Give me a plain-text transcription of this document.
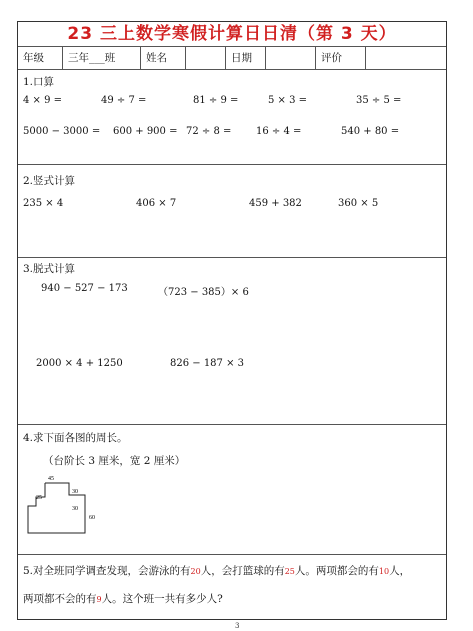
23 三上数学寒假计算日日清（第 3 天）
年级	三年___班	姓名	日期	评价
1.口算
4 × 9 =	49 ÷ 7 =	81 ÷ 9 =	5 × 3 =	35 ÷ 5 =
5000 − 3000 = 600 + 900 = 72 ÷ 8 = 16 ÷ 4 =	540 + 80 =
2.竖式计算
235 × 4	406 × 7	459 + 382	360 × 5
3.脱式计算
940 − 527 − 173	（723 − 385）× 6
2000 × 4 + 1250	826 − 187 × 3
4.求下面各图的周长。
（台阶长 3 厘米，宽 2 厘米）
45
25
30
30
60
5.对全班同学调查发现，会游泳的有20人，会打篮球的有25人。两项都会的有10人，
两项都不会的有9人。这个班一共有多少人?
3
